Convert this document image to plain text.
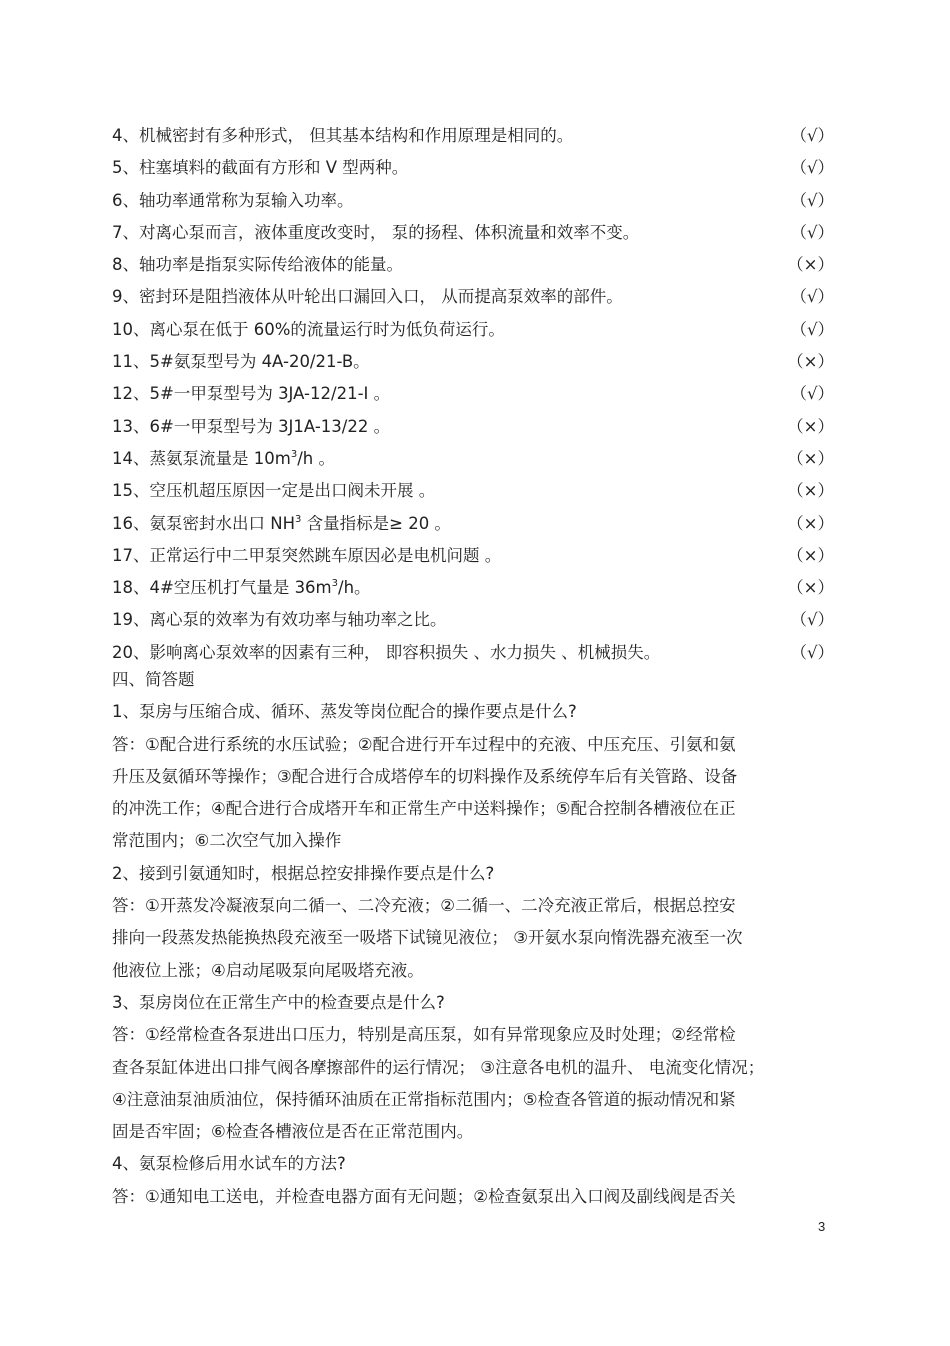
4、机械密封有多种形式， 但其基本结构和作用原理是相同的。	（√）
5、柱塞填料的截面有方形和 V 型两种。	（√）
6、轴功率通常称为泵输入功率。	（√）
7、对离心泵而言，液体重度改变时， 泵的扬程、体积流量和效率不变。	（√）
8、轴功率是指泵实际传给液体的能量。	（×）
9、密封环是阻挡液体从叶轮出口漏回入口， 从而提高泵效率的部件。	（√）
10、离心泵在低于 60%的流量运行时为低负荷运行。	（√）
11、5#氨泵型号为 4A-20/21-B。	（×）
12、5#一甲泵型号为 3JA-12/21-I 。	（√）
13、6#一甲泵型号为 3J1A-13/22 。	（×）
14、蒸氨泵流量是 $10m^3/h$ 。	（×）
15、空压机超压原因一定是出口阀未开展 。	（×）
16、氨泵密封水出口 $NH^3$ 含量指标是≥ 20 。	（×）
17、正常运行中二甲泵突然跳车原因必是电机问题 。	（×）
18、4#空压机打气量是 $36m^3/h$。	（×）
19、离心泵的效率为有效功率与轴功率之比。	（√）
20、影响离心泵效率的因素有三种， 即容积损失 、水力损失 、机械损失。	（√）
四、简答题
1、泵房与压缩合成、循环、蒸发等岗位配合的操作要点是什么?
答：①配合进行系统的水压试验；②配合进行开车过程中的充液、中压充压、引氨和氨
升压及氨循环等操作；③配合进行合成塔停车的切料操作及系统停车后有关管路、设备
的冲洗工作；④配合进行合成塔开车和正常生产中送料操作；⑤配合控制各槽液位在正
常范围内；⑥二次空气加入操作
2、接到引氨通知时，根据总控安排操作要点是什么?
答：①开蒸发冷凝液泵向二循一、二冷充液；②二循一、二冷充液正常后，根据总控安
排向一段蒸发热能换热段充液至一吸塔下试镜见液位； ③开氨水泵向惰洗器充液至一次
他液位上涨；④启动尾吸泵向尾吸塔充液。
3、泵房岗位在正常生产中的检查要点是什么?
答：①经常检查各泵进出口压力，特别是高压泵，如有异常现象应及时处理；②经常检
查各泵缸体进出口排气阀各摩擦部件的运行情况； ③注意各电机的温升、 电流变化情况；
④注意油泵油质油位，保持循环油质在正常指标范围内；⑤检查各管道的振动情况和紧
固是否牢固；⑥检查各槽液位是否在正常范围内。
4、氨泵检修后用水试车的方法?
答：①通知电工送电，并检查电器方面有无问题；②检查氨泵出入口阀及副线阀是否关
3
